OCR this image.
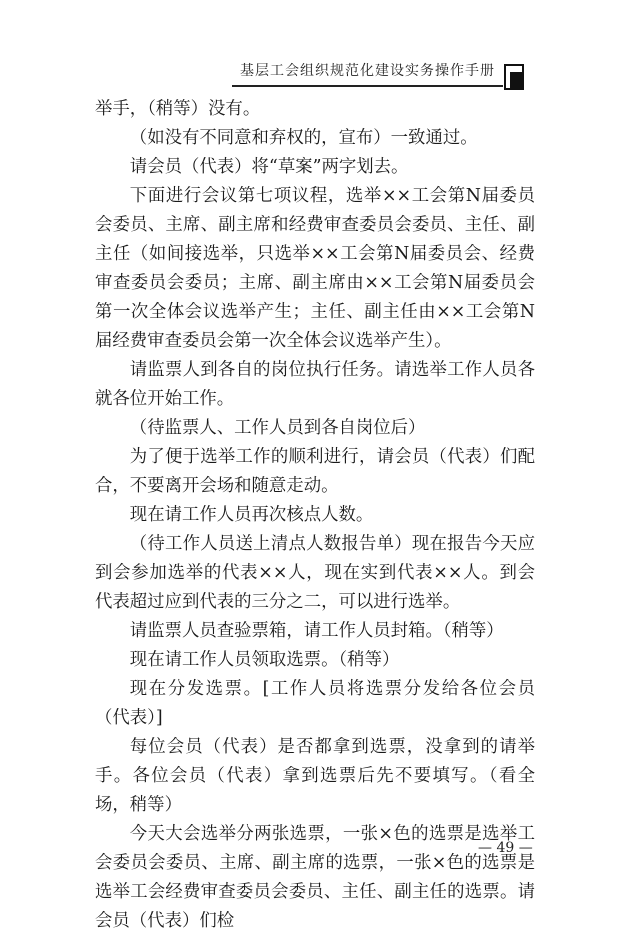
基层工会组织规范化建设实务操作手册

举手，（稍等）没有。

（如没有不同意和弃权的，宣布）一致通过。

请会员（代表）将“草案”两字划去。

下面进行会议第七项议程，选举××工会第N届委员会委员、主席、副主席和经费审查委员会委员、主任、副主任（如间接选举，只选举××工会第N届委员会、经费审查委员会委员；主席、副主席由××工会第N届委员会第一次全体会议选举产生；主任、副主任由××工会第N届经费审查委员会第一次全体会议选举产生）。

请监票人到各自的岗位执行任务。请选举工作人员各就各位开始工作。

（待监票人、工作人员到各自岗位后）

为了便于选举工作的顺利进行，请会员（代表）们配合，不要离开会场和随意走动。

现在请工作人员再次核点人数。

（待工作人员送上清点人数报告单）现在报告今天应到会参加选举的代表××人，现在实到代表××人。到会代表超过应到代表的三分之二，可以进行选举。

请监票人员查验票箱，请工作人员封箱。（稍等）

现在请工作人员领取选票。（稍等）

现在分发选票。[工作人员将选票分发给各位会员（代表）]

每位会员（代表）是否都拿到选票，没拿到的请举手。各位会员（代表）拿到选票后先不要填写。（看全场，稍等）

今天大会选举分两张选票，一张×色的选票是选举工会委员会委员、主席、副主席的选票，一张×色的选票是选举工会经费审查委员会委员、主任、副主任的选票。请会员（代表）们检

— 49 —
